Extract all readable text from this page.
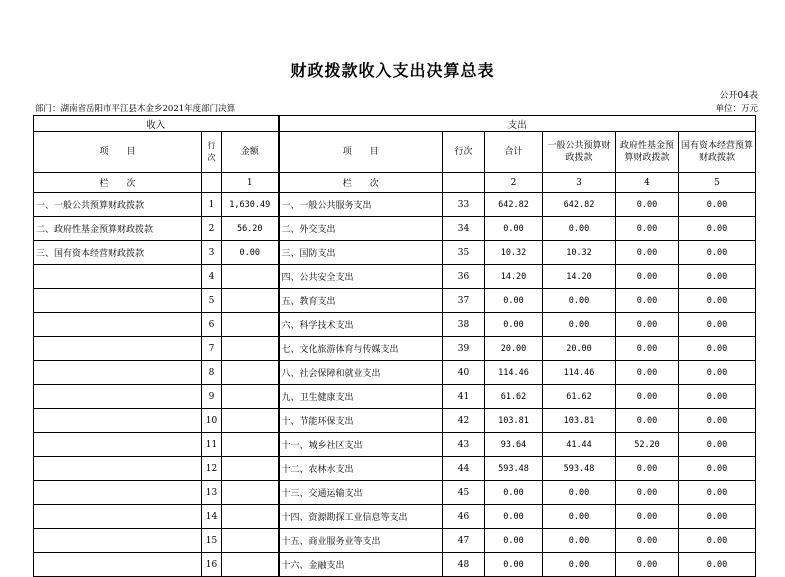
财政拨款收入支出决算总表
公开04表
部门：湖南省岳阳市平江县木金乡2021年度部门决算	单位：万元
收入			支出					
项　　目	行次	金额	项　　目	行次	合计	一般公共预算财政拨款	政府性基金预算财政拨款	国有资本经营预算财政拨款
栏　　次		1	栏　　次		2	3	4	5
一、一般公共预算财政拨款	1	1,630.49	一、一般公共服务支出	33	642.82	642.82	0.00	0.00
二、政府性基金预算财政拨款	2	56.20	二、外交支出	34	0.00	0.00	0.00	0.00
三、国有资本经营财政拨款	3	0.00	三、国防支出	35	10.32	10.32	0.00	0.00
	4		四、公共安全支出	36	14.20	14.20	0.00	0.00
	5		五、教育支出	37	0.00	0.00	0.00	0.00
	6		六、科学技术支出	38	0.00	0.00	0.00	0.00
	7		七、文化旅游体育与传媒支出	39	20.00	20.00	0.00	0.00
	8		八、社会保障和就业支出	40	114.46	114.46	0.00	0.00
	9		九、卫生健康支出	41	61.62	61.62	0.00	0.00
	10		十、节能环保支出	42	103.81	103.81	0.00	0.00
	11		十一、城乡社区支出	43	93.64	41.44	52.20	0.00
	12		十二、农林水支出	44	593.48	593.48	0.00	0.00
	13		十三、交通运输支出	45	0.00	0.00	0.00	0.00
	14		十四、资源勘探工业信息等支出	46	0.00	0.00	0.00	0.00
	15		十五、商业服务业等支出	47	0.00	0.00	0.00	0.00
	16		十六、金融支出	48	0.00	0.00	0.00	0.00
